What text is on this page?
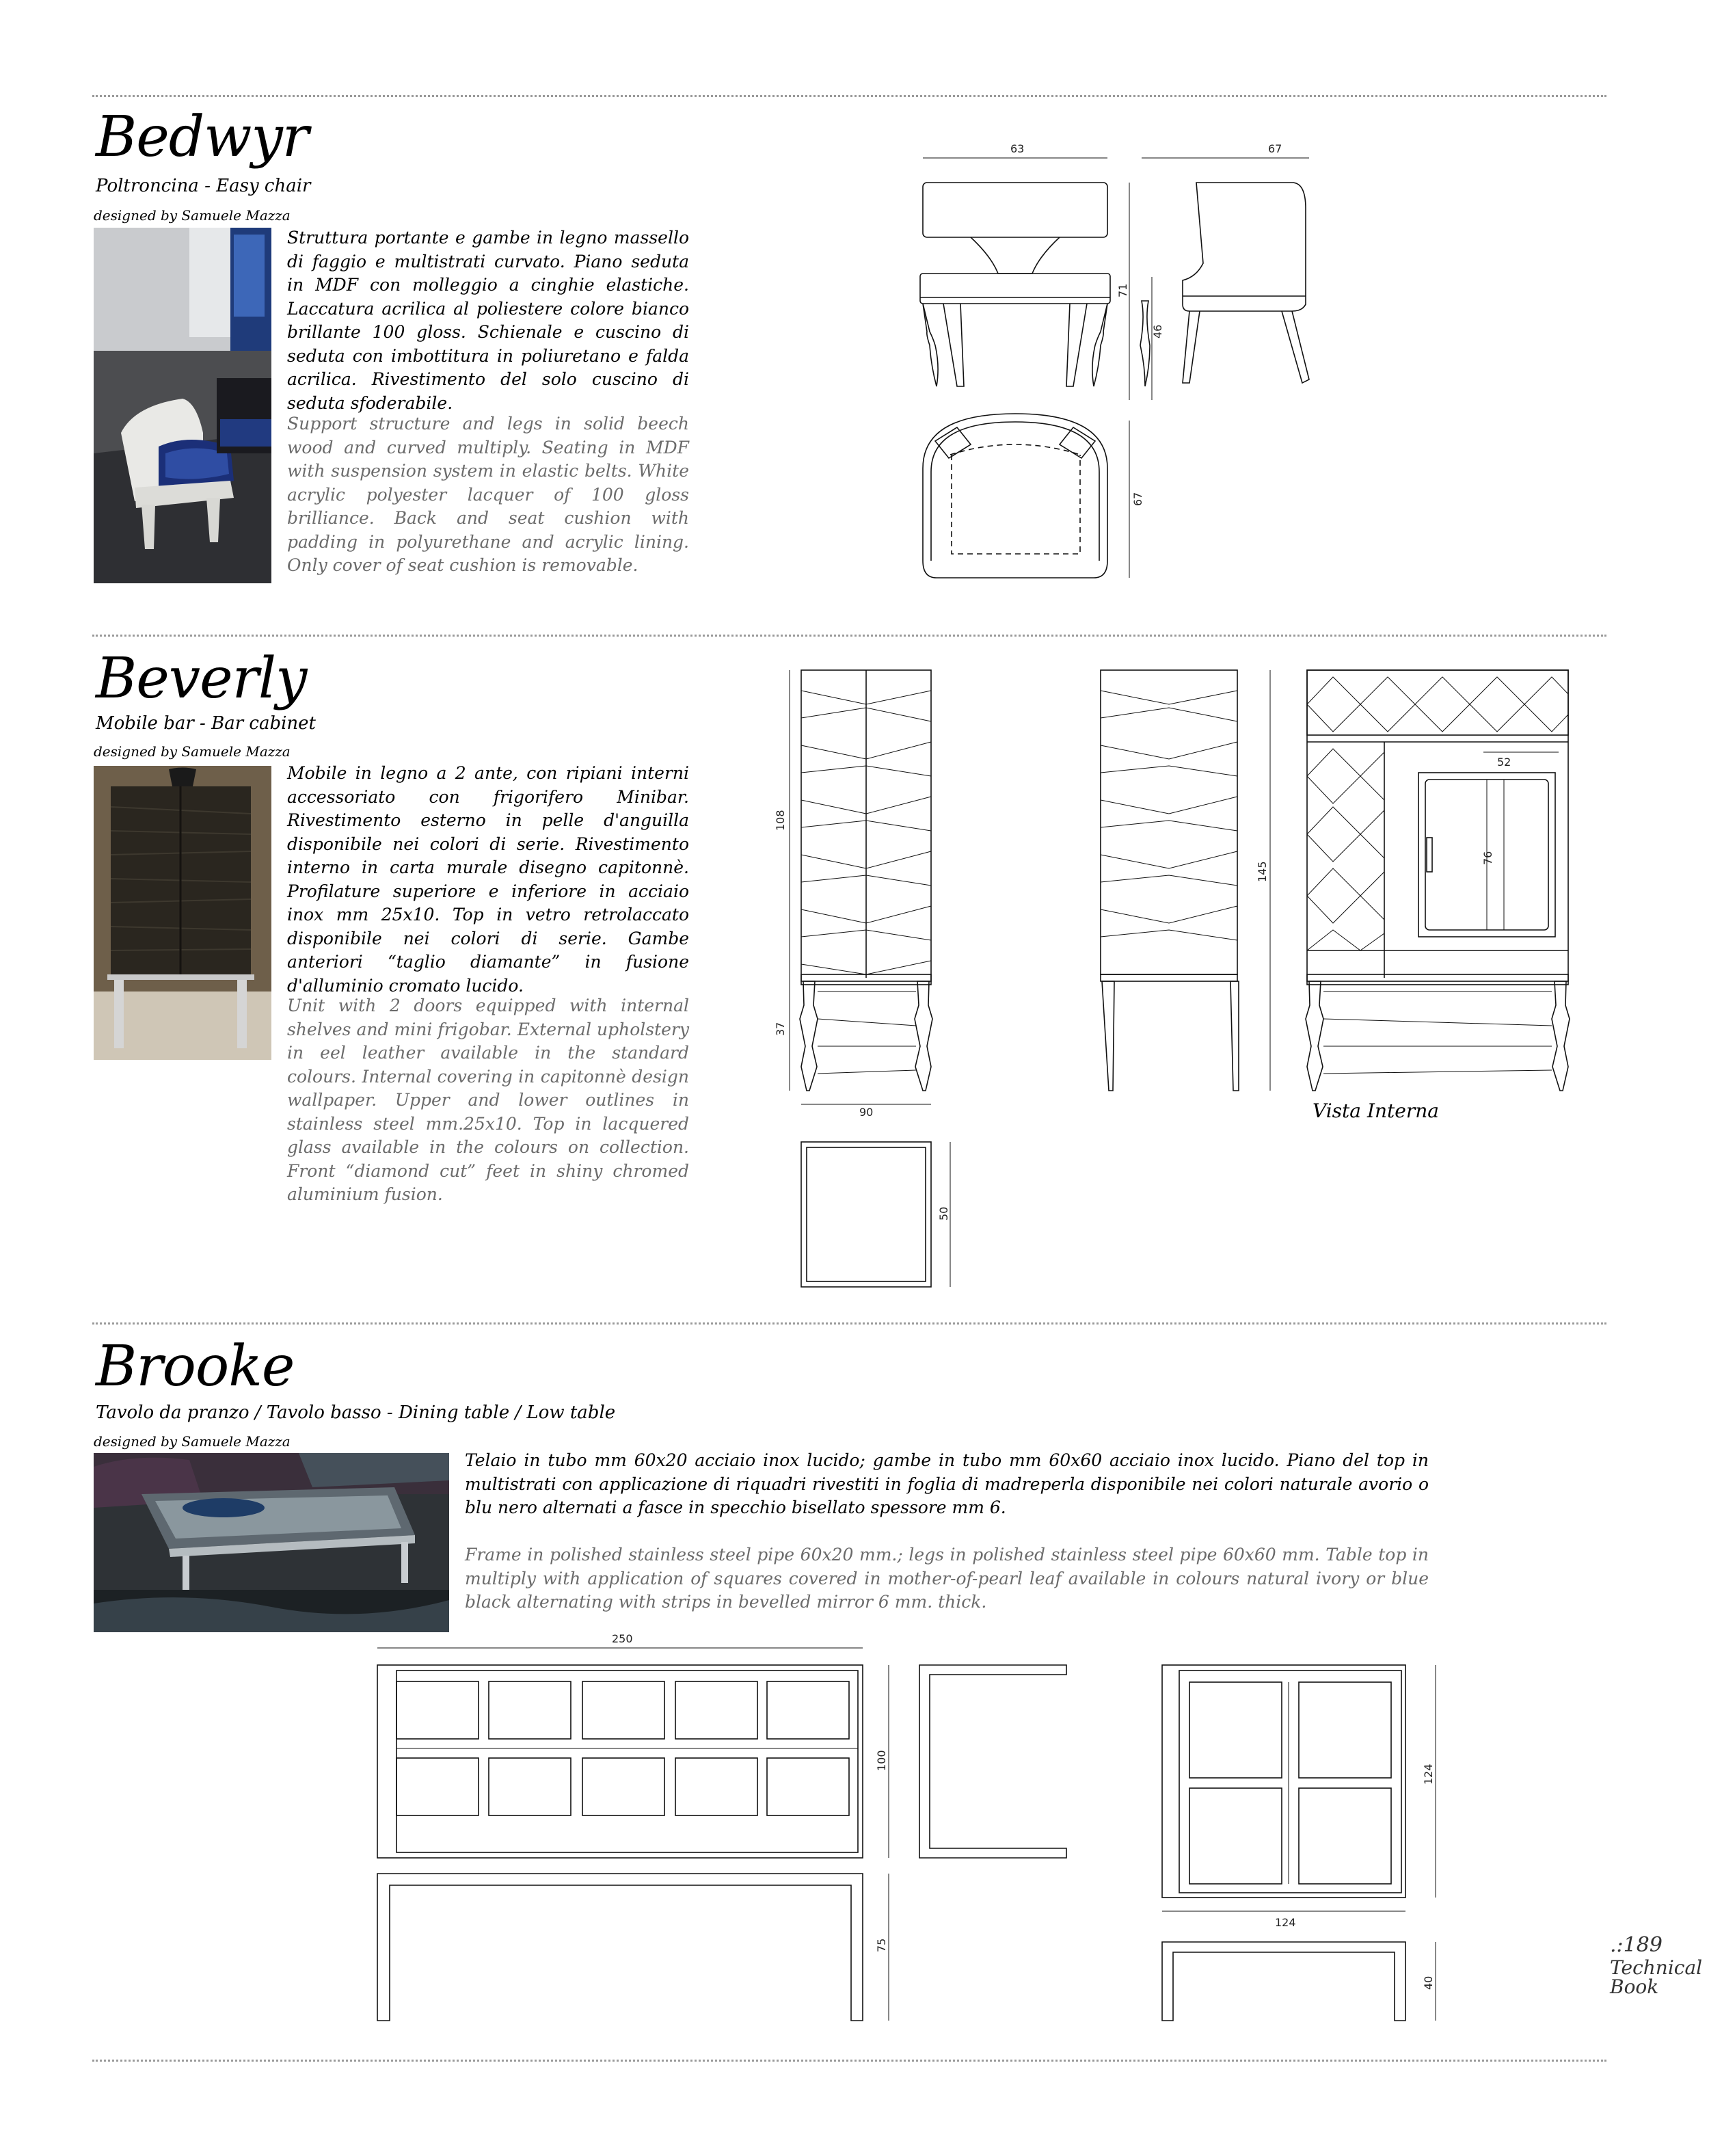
Bedwyr
Poltroncina - Easy chair
designed by Samuele Mazza

Struttura portante e gambe in legno massello di faggio e multistrati curvato. Piano seduta in MDF con molleggio a cinghie elastiche. Laccatura acrilica al poliestere colore bianco brillante 100 gloss. Schienale e cuscino di seduta con imbottitura in poliuretano e falda acrilica. Rivestimento del solo cuscino di seduta sfoderabile.

Support structure and legs in solid beech wood and curved multiply. Seating in MDF with suspension system in elastic belts. White acrylic polyester lacquer of 100 gloss brilliance. Back and seat cushion with padding in polyurethane and acrylic lining. Only cover of seat cushion is removable.

63	67
71
46
67
Beverly
Mobile bar - Bar cabinet
designed by Samuele Mazza

Mobile in legno a 2 ante, con ripiani interni accessoriato con frigorifero Minibar. Rivestimento esterno in pelle d'anguilla disponibile nei colori di serie. Rivestimento interno in carta murale disegno capitonnè. Profilature superiore e inferiore in acciaio inox mm 25x10. Top in vetro retrolaccato disponibile nei colori di serie. Gambe anteriori “taglio diamante” in fusione d'alluminio cromato lucido.

Unit with 2 doors equipped with internal shelves and mini frigobar. External upholstery in eel leather available in the standard colours. Internal covering in capitonnè design wallpaper. Upper and lower outlines in stainless steel mm.25x10. Top in lacquered glass available in the colours on collection. Front “diamond cut” feet in shiny chromed aluminium fusion.

108
37
145
90
50
52
76
Vista Interna
Brooke
Tavolo da pranzo / Tavolo basso - Dining table / Low table
designed by Samuele Mazza

Telaio in tubo mm 60x20 acciaio inox lucido; gambe in tubo mm 60x60 acciaio inox lucido. Piano del top in multistrati con applicazione di riquadri rivestiti in foglia di madreperla disponibile nei colori naturale avorio o blu nero alternati a fasce in specchio bisellato spessore mm 6.

Frame in polished stainless steel pipe 60x20 mm.; legs in polished stainless steel pipe 60x60 mm. Table top in multiply with application of squares covered in mother-of-pearl leaf available in colours natural ivory or blue black alternating with strips in bevelled mirror 6 mm. thick.

250
100
75
124
124
40
.:189
Technical
Book
